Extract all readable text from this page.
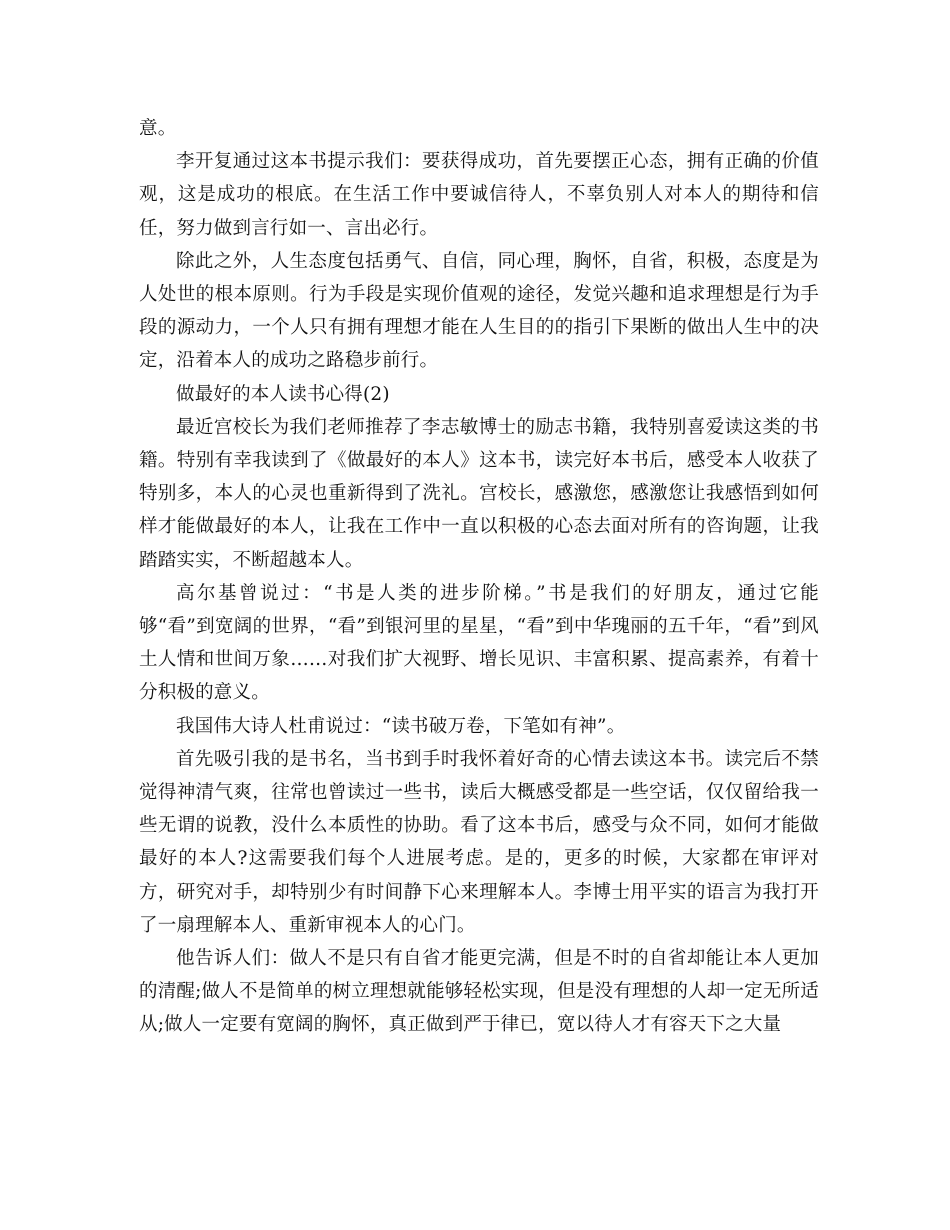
意。

李开复通过这本书提示我们：要获得成功，首先要摆正心态，拥有正确的价值观，这是成功的根底。在生活工作中要诚信待人，不辜负别人对本人的期待和信任，努力做到言行如一、言出必行。

除此之外，人生态度包括勇气、自信，同心理，胸怀，自省，积极，态度是为人处世的根本原则。行为手段是实现价值观的途径，发觉兴趣和追求理想是行为手段的源动力，一个人只有拥有理想才能在人生目的的指引下果断的做出人生中的决定，沿着本人的成功之路稳步前行。

做最好的本人读书心得(2)

最近宫校长为我们老师推荐了李志敏博士的励志书籍，我特别喜爱读这类的书籍。特别有幸我读到了《做最好的本人》这本书，读完好本书后，感受本人收获了特别多，本人的心灵也重新得到了洗礼。宫校长，感激您，感激您让我感悟到如何样才能做最好的本人，让我在工作中一直以积极的心态去面对所有的咨询题，让我踏踏实实，不断超越本人。

高尔基曾说过：“书是人类的进步阶梯。”书是我们的好朋友，通过它能够“看”到宽阔的世界，“看”到银河里的星星，“看”到中华瑰丽的五千年，“看”到风土人情和世间万象……对我们扩大视野、增长见识、丰富积累、提高素养，有着十分积极的意义。

我国伟大诗人杜甫说过：“读书破万卷，下笔如有神”。

首先吸引我的是书名，当书到手时我怀着好奇的心情去读这本书。读完后不禁觉得神清气爽，往常也曾读过一些书，读后大概感受都是一些空话，仅仅留给我一些无谓的说教，没什么本质性的协助。看了这本书后，感受与众不同，如何才能做最好的本人?这需要我们每个人进展考虑。是的，更多的时候，大家都在审评对方，研究对手，却特别少有时间静下心来理解本人。李博士用平实的语言为我打开了一扇理解本人、重新审视本人的心门。

他告诉人们：做人不是只有自省才能更完满，但是不时的自省却能让本人更加的清醒;做人不是简单的树立理想就能够轻松实现，但是没有理想的人却一定无所适从;做人一定要有宽阔的胸怀，真正做到严于律已，宽以待人才有容天下之大量
